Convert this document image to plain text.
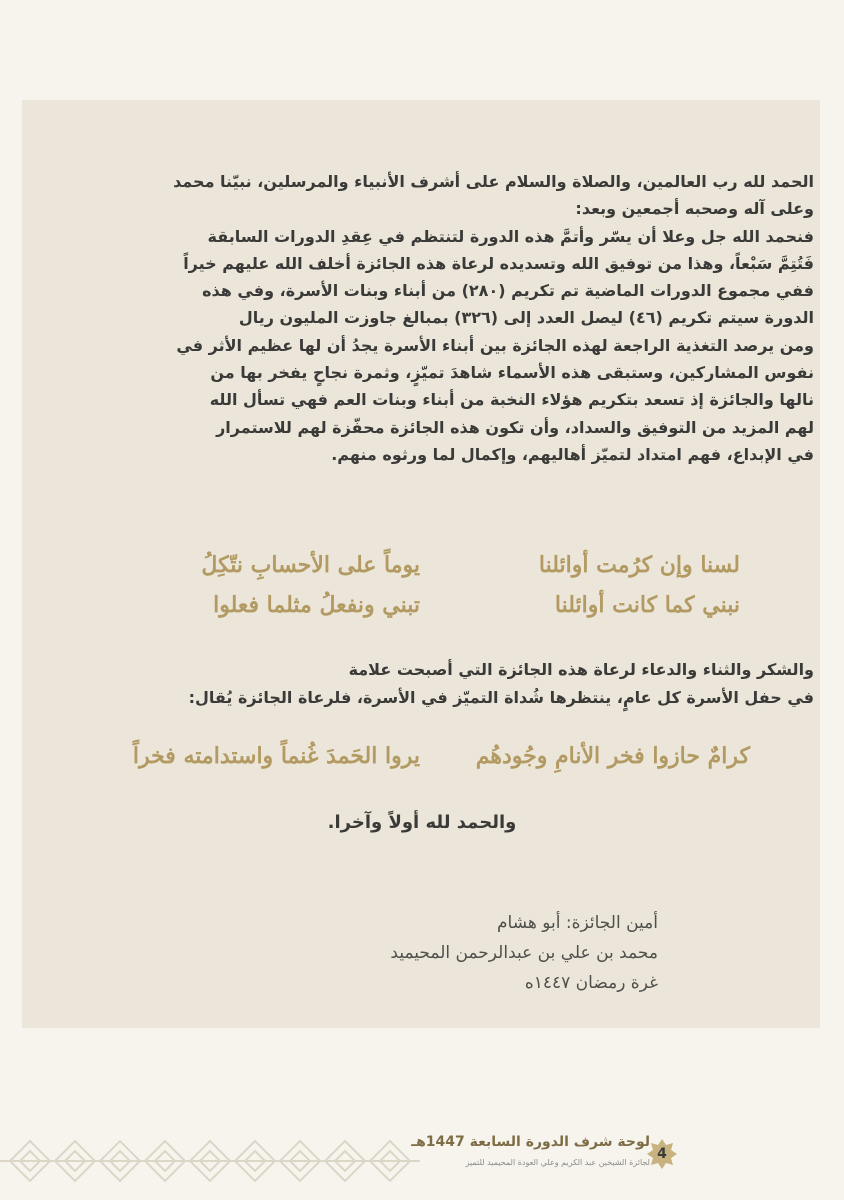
الحمد لله رب العالمين، والصلاة والسلام على أشرف الأنبياء والمرسلين، نبيّنا محمد

وعلى آله وصحبه أجمعين وبعد:

فنحمد الله جل وعلا أن يسّر وأتمَّ هذه الدورة لتنتظم في عِقدِ الدورات السابقة

فَتُتِمَّ سَبْعاً، وهذا من توفيق الله وتسديده لرعاة هذه الجائزة أخلف الله عليهم خيراً

ففي مجموع الدورات الماضية تم تكريم (٢٨٠) من أبناء وبنات الأسرة، وفي هذه

الدورة سيتم تكريم (٤٦) ليصل العدد إلى (٣٢٦) بمبالغ جاوزت المليون ريال

ومن يرصد التغذية الراجعة لهذه الجائزة بين أبناء الأسرة يجدُ أن لها عظيم الأثر في

نفوس المشاركين، وستبقى هذه الأسماء شاهدَ تميّزٍ، وثمرة نجاحٍ يفخر بها من

نالها والجائزة إذ تسعد بتكريم هؤلاء النخبة من أبناء وبنات العم فهي تسأل الله

لهم المزيد من التوفيق والسداد، وأن تكون هذه الجائزة محفّزة لهم للاستمرار

في الإبداع، فهم امتداد لتميّز أهاليهم، وإكمال لما ورثوه منهم.

لسنا وإن كرُمت أوائلنا
يوماً على الأحسابِ نتّكِلُ
نبني كما كانت أوائلنا
تبني ونفعلُ مثلما فعلوا

والشكر والثناء والدعاء لرعاة هذه الجائزة التي أصبحت علامة

في حفل الأسرة كل عامٍ، ينتظرها شُداة التميّز في الأسرة، فلرعاة الجائزة يُقال:

كرامٌ حازوا فخر الأنامِ وجُودهُم
يروا الحَمدَ غُنماً واستدامته فخراً
والحمد لله أولاً وآخرا.
أمين الجائزة: أبو هشام
محمد بن علي بن عبدالرحمن المحيميد
غرة رمضان ١٤٤٧ه
4
لوحة شرف الدورة السابعة 1447هـ
لجائزة الشيخين عبد الكريم وعلي العودة المحيميد للتميز
